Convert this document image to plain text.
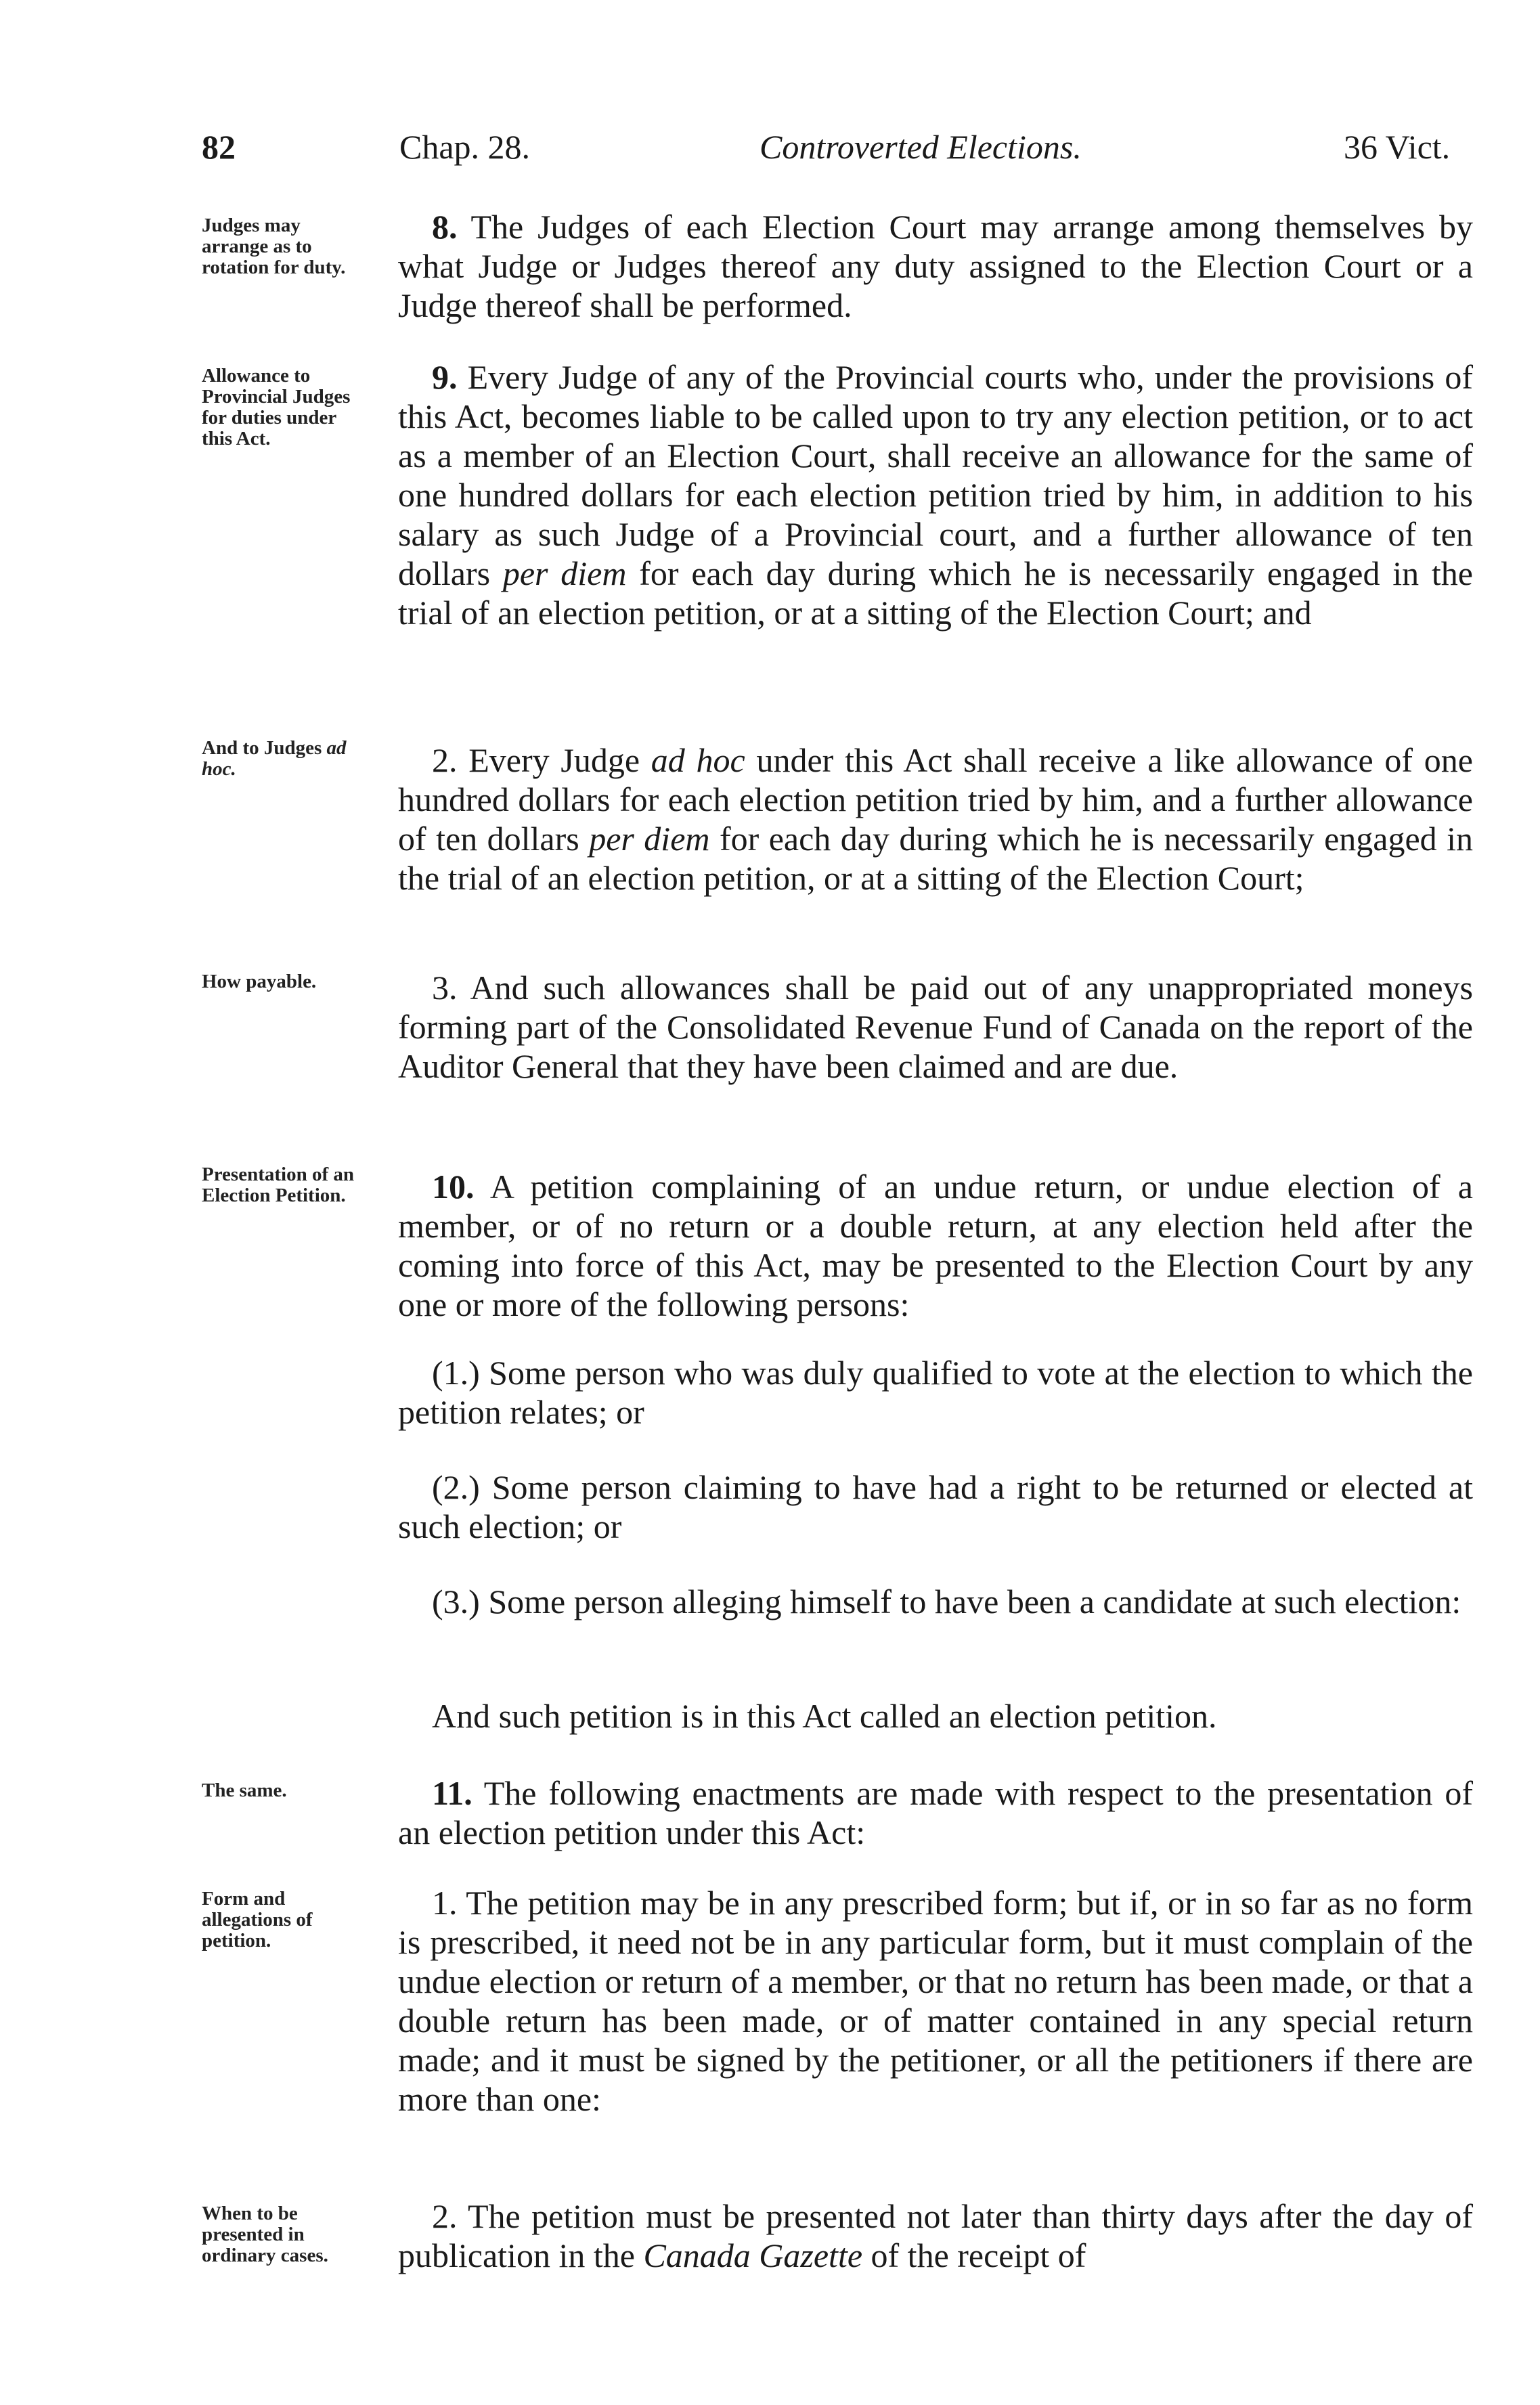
82	Chap. 28.	Controverted Elections.	36 Vict.
Judges may arrange as to rotation for duty.

8. The Judges of each Election Court may arrange among themselves by what Judge or Judges thereof any duty assigned to the Election Court or a Judge thereof shall be performed.

Allowance to Provincial Judges for duties under this Act.

9. Every Judge of any of the Provincial courts who, under the provisions of this Act, becomes liable to be called upon to try any election petition, or to act as a member of an Election Court, shall receive an allowance for the same of one hundred dollars for each election petition tried by him, in addition to his salary as such Judge of a Provincial court, and a further allowance of ten dollars per diem for each day during which he is necessarily engaged in the trial of an election petition, or at a sitting of the Election Court; and

And to Judges ad hoc.	2. Every Judge ad hoc under this Act shall receive a like allowance of one hundred dollars for each election petition tried by him, and a further allowance of ten dollars per diem for each day during which he is necessarily engaged in the trial of an election petition, or at a sitting of the Election Court;

How payable.	3. And such allowances shall be paid out of any unappropriated moneys forming part of the Consolidated Revenue Fund of Canada on the report of the Auditor General that they have been claimed and are due.

Presentation of an Election Petition.	10. A petition complaining of an undue return, or undue election of a member, or of no return or a double return, at any election held after the coming into force of this Act, may be presented to the Election Court by any one or more of the following persons:

(1.) Some person who was duly qualified to vote at the election to which the petition relates; or

(2.) Some person claiming to have had a right to be returned or elected at such election; or

(3.) Some person alleging himself to have been a candidate at such election:

And such petition is in this Act called an election petition.

The same.	11. The following enactments are made with respect to the presentation of an election petition under this Act:

Form and allegations of petition.

1. The petition may be in any prescribed form; but if, or in so far as no form is prescribed, it need not be in any particular form, but it must complain of the undue election or return of a member, or that no return has been made, or that a double return has been made, or of matter contained in any special return made; and it must be signed by the petitioner, or all the petitioners if there are more than one:

When to be presented in ordinary cases.

2. The petition must be presented not later than thirty days after the day of publication in the Canada Gazette of the receipt of
